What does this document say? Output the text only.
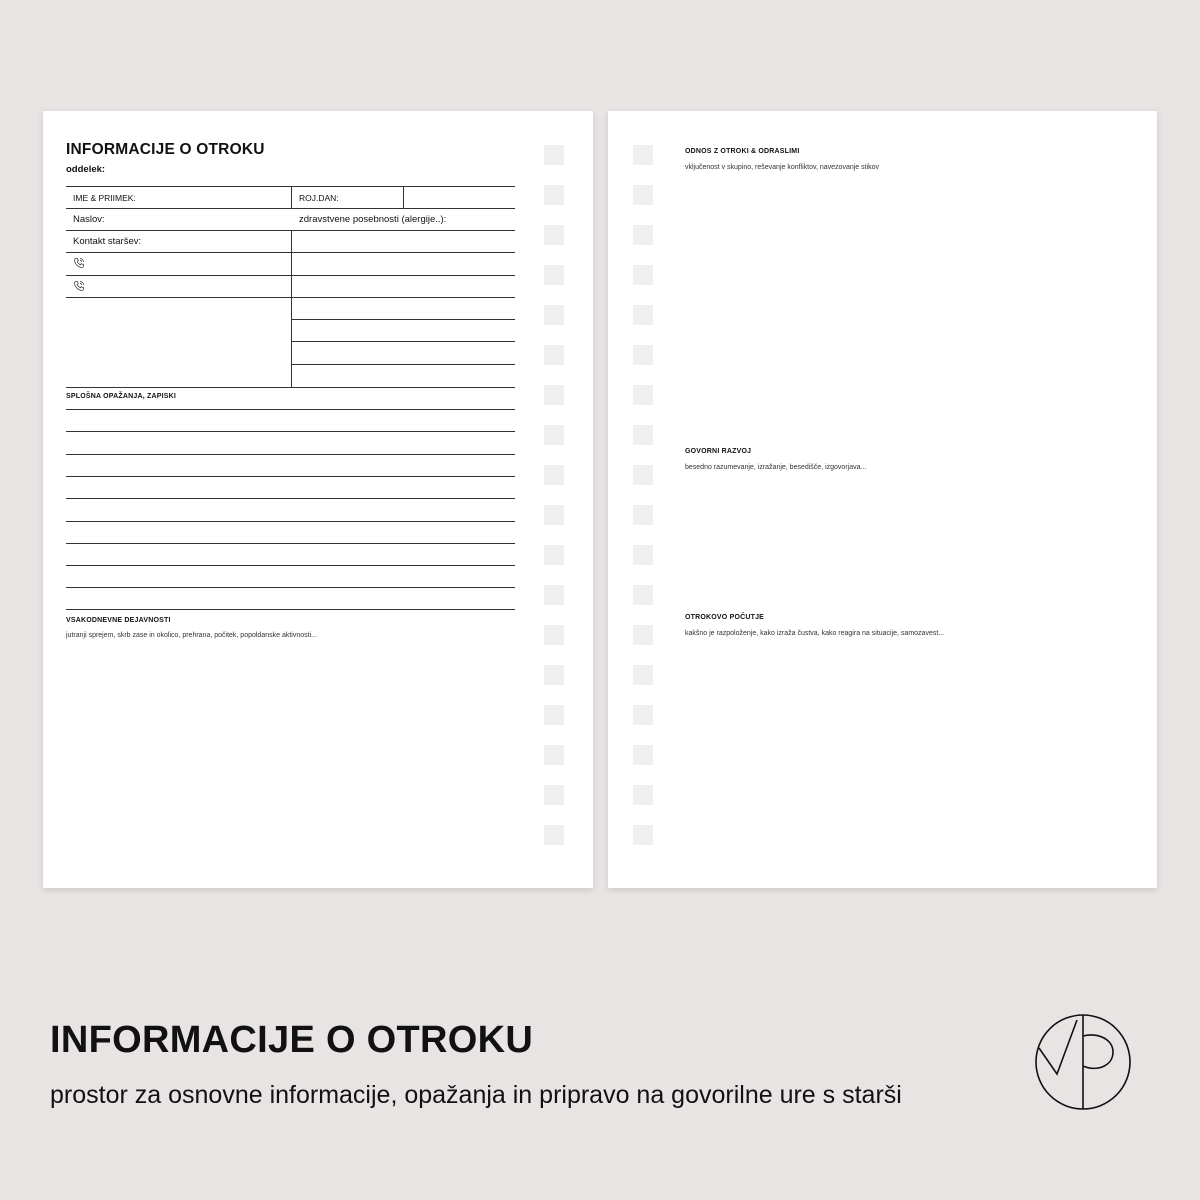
INFORMACIJE O OTROKU
oddelek:
IME & PRIIMEK:	ROJ.DAN:
Naslov:	zdravstvene posebnosti (alergije..):
Kontakt staršev:
SPLOŠNA OPAŽANJA, ZAPISKI
VSAKODNEVNE DEJAVNOSTI
jutranji sprejem, skrb zase in okolico, prehrana, počitek, popoldanske aktivnosti...
ODNOS Z OTROKI & ODRASLIMI
vključenost v skupino, reševanje konfliktov, navezovanje stikov
GOVORNI RAZVOJ
besedno razumevanje, izražanje, besedišče, izgovorjava...
OTROKOVO POČUTJE
kakšno je razpoloženje, kako izraža čustva, kako reagira na situacije, samozavest...
INFORMACIJE O OTROKU
prostor za osnovne informacije, opažanja in pripravo na govorilne ure s starši
